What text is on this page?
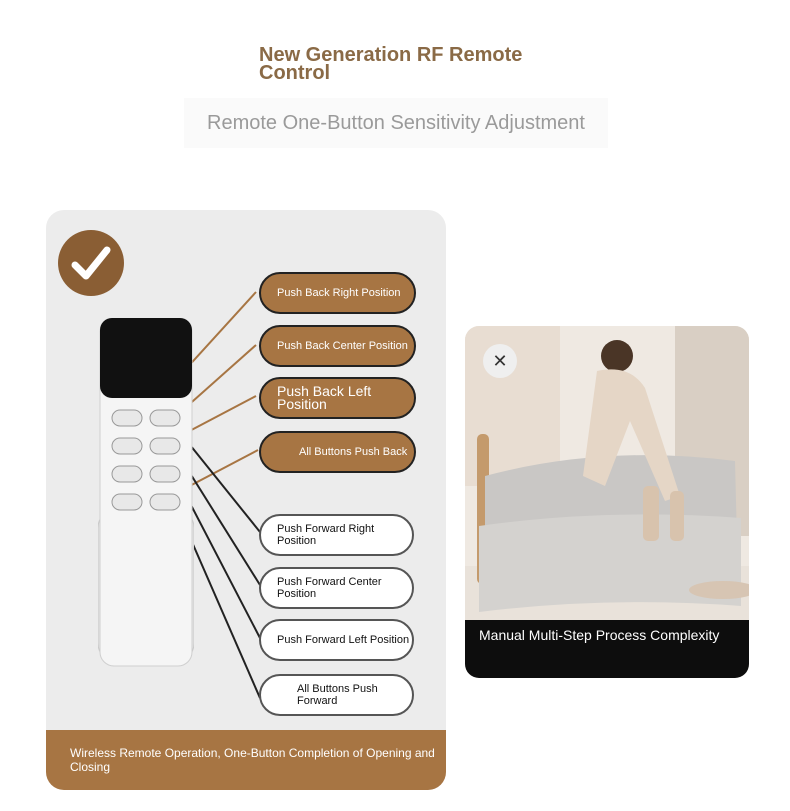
New Generation RF Remote Control
Remote One-Button Sensitivity Adjustment
Push Back Right Position
Push Back Center Position
Push Back Left Position
All Buttons Push Back
Push Forward Right Position
Push Forward Center Position
Push Forward Left Position
All Buttons Push Forward
Wireless Remote Operation, One-Button Completion of Opening and Closing
✕
Manual Multi-Step Process Complexity
